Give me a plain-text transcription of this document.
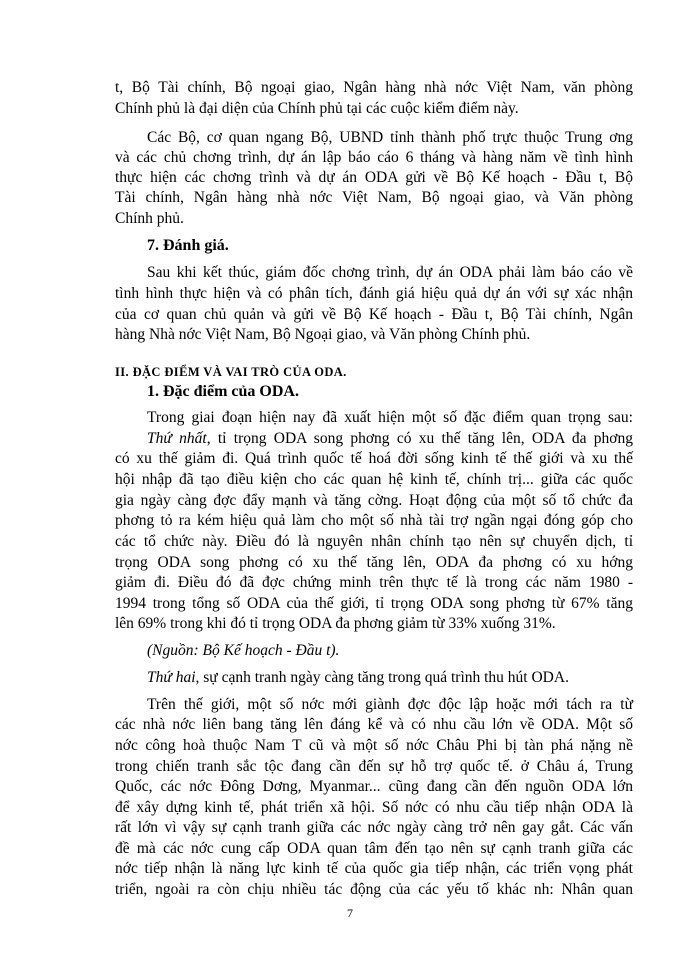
t, Bộ Tài chính, Bộ ngoại giao, Ngân hàng nhà nớc Việt Nam, văn phòng
Chính phủ là đại diện của Chính phủ tại các cuộc kiểm điểm này.
Các Bộ, cơ quan ngang Bộ, UBND tỉnh thành phố trực thuộc Trung ơng
và các chủ chơng trình, dự án lập báo cáo 6 tháng và hàng năm về tình hình
thực hiện các chơng trình và dự án ODA gửi về Bộ Kế hoạch - Đầu t, Bộ
Tài chính, Ngân hàng nhà nớc Việt Nam, Bộ ngoại giao, và Văn phòng
Chính phủ.
7. Đánh giá.
Sau khi kết thúc, giám đốc chơng trình, dự án ODA phải làm báo cáo về
tình hình thực hiện và có phân tích, đánh giá hiệu quả dự án với sự xác nhận
của cơ quan chủ quản và gửi về Bộ Kế hoạch - Đầu t, Bộ Tài chính, Ngân
hàng Nhà nớc Việt Nam, Bộ Ngoại giao, và Văn phòng Chính phủ.
II. ĐẶC ĐIỂM VÀ VAI TRÒ CỦA ODA.
1. Đặc điểm của ODA.
Trong giai đoạn hiện nay đã xuất hiện một số đặc điểm quan trọng sau:
Thứ nhất, tỉ trọng ODA song phơng có xu thế tăng lên, ODA đa phơng
có xu thế giảm đi. Quá trình quốc tế hoá đời sống kinh tế thế giới và xu thế
hội nhập đã tạo điều kiện cho các quan hệ kinh tế, chính trị... giữa các quốc
gia ngày càng đợc đẩy mạnh và tăng cờng. Hoạt động của một số tổ chức đa
phơng tỏ ra kém hiệu quả làm cho một số nhà tài trợ ngần ngại đóng góp cho
các tổ chức này. Điều đó là nguyên nhân chính tạo nên sự chuyển dịch, tỉ
trọng ODA song phơng có xu thế tăng lên, ODA đa phơng có xu hớng
giảm đi. Điều đó đã đợc chứng minh trên thực tế là trong các năm 1980 -
1994 trong tổng số ODA của thế giới, tỉ trọng ODA song phơng từ 67% tăng
lên 69% trong khi đó tỉ trọng ODA đa phơng giảm từ 33% xuống 31%.
(Nguồn: Bộ Kế hoạch - Đầu t).
Thứ hai, sự cạnh tranh ngày càng tăng trong quá trình thu hút ODA.
Trên thế giới, một số nớc mới giành đợc độc lập hoặc mới tách ra từ
các nhà nớc liên bang tăng lên đáng kể và có nhu cầu lớn về ODA. Một số
nớc công hoà thuộc Nam T cũ và một số nớc Châu Phi bị tàn phá nặng nề
trong chiến tranh sắc tộc đang cần đến sự hỗ trợ quốc tế. ở Châu á, Trung
Quốc, các nớc Đông Dơng, Myanmar... cũng đang cần đến nguồn ODA lớn
để xây dựng kinh tế, phát triển xã hội. Số nớc có nhu cầu tiếp nhận ODA là
rất lớn vì vậy sự cạnh tranh giữa các nớc ngày càng trở nên gay gắt. Các vấn
đề mà các nớc cung cấp ODA quan tâm đến tạo nên sự cạnh tranh giữa các
nớc tiếp nhận là năng lực kinh tế của quốc gia tiếp nhận, các triển vọng phát
triển, ngoài ra còn chịu nhiều tác động của các yếu tố khác nh: Nhân quan
7
